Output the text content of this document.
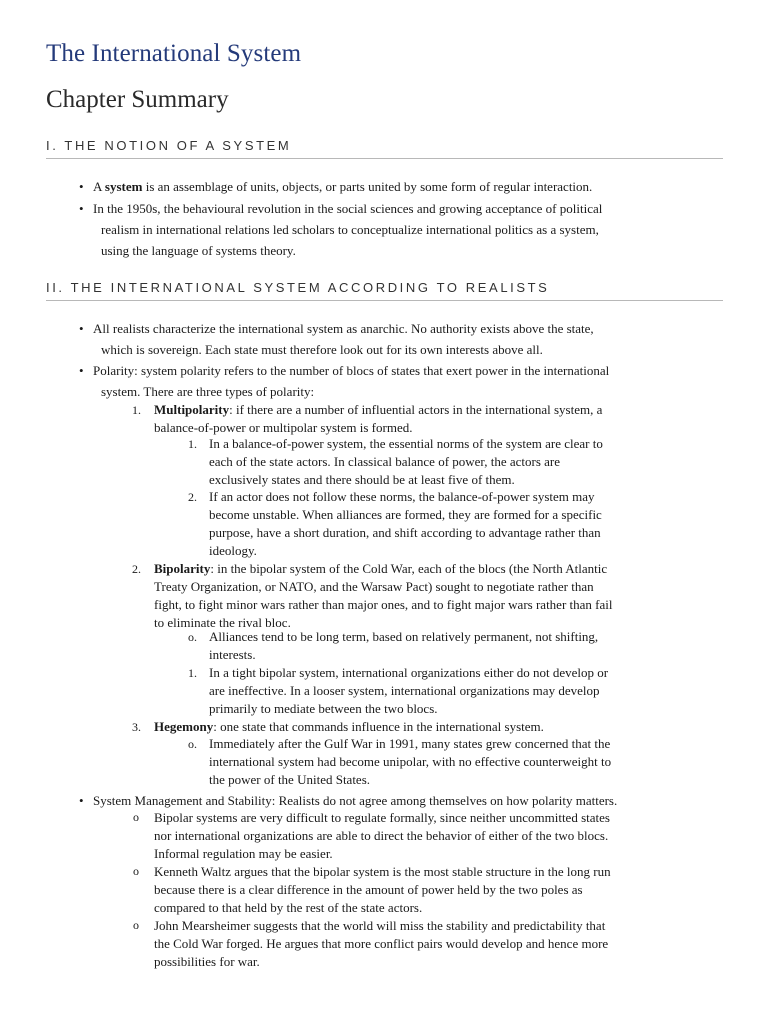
The International System
Chapter Summary
I. THE NOTION OF A SYSTEM
• A system is an assemblage of units, objects, or parts united by some form of regular interaction.
• In the 1950s, the behavioural revolution in the social sciences and growing acceptance of political
realism in international relations led scholars to conceptualize international politics as a system,
using the language of systems theory.
II. THE INTERNATIONAL SYSTEM ACCORDING TO REALISTS
• All realists characterize the international system as anarchic. No authority exists above the state,
which is sovereign. Each state must therefore look out for its own interests above all.
• Polarity: system polarity refers to the number of blocs of states that exert power in the international
system. There are three types of polarity:
1. Multipolarity: if there are a number of influential actors in the international system, a
balance-of-power or multipolar system is formed.
1. In a balance-of-power system, the essential norms of the system are clear to
each of the state actors. In classical balance of power, the actors are
exclusively states and there should be at least five of them.
2. If an actor does not follow these norms, the balance-of-power system may
become unstable. When alliances are formed, they are formed for a specific
purpose, have a short duration, and shift according to advantage rather than
ideology.
2. Bipolarity: in the bipolar system of the Cold War, each of the blocs (the North Atlantic
Treaty Organization, or NATO, and the Warsaw Pact) sought to negotiate rather than
fight, to fight minor wars rather than major ones, and to fight major wars rather than fail
to eliminate the rival bloc.
o. Alliances tend to be long term, based on relatively permanent, not shifting,
interests.
1. In a tight bipolar system, international organizations either do not develop or
are ineffective. In a looser system, international organizations may develop
primarily to mediate between the two blocs.
3. Hegemony: one state that commands influence in the international system.
o. Immediately after the Gulf War in 1991, many states grew concerned that the
international system had become unipolar, with no effective counterweight to
the power of the United States.
• System Management and Stability: Realists do not agree among themselves on how polarity matters.
o Bipolar systems are very difficult to regulate formally, since neither uncommitted states
nor international organizations are able to direct the behavior of either of the two blocs.
Informal regulation may be easier.
o Kenneth Waltz argues that the bipolar system is the most stable structure in the long run
because there is a clear difference in the amount of power held by the two poles as
compared to that held by the rest of the state actors.
o John Mearsheimer suggests that the world will miss the stability and predictability that
the Cold War forged. He argues that more conflict pairs would develop and hence more
possibilities for war.
